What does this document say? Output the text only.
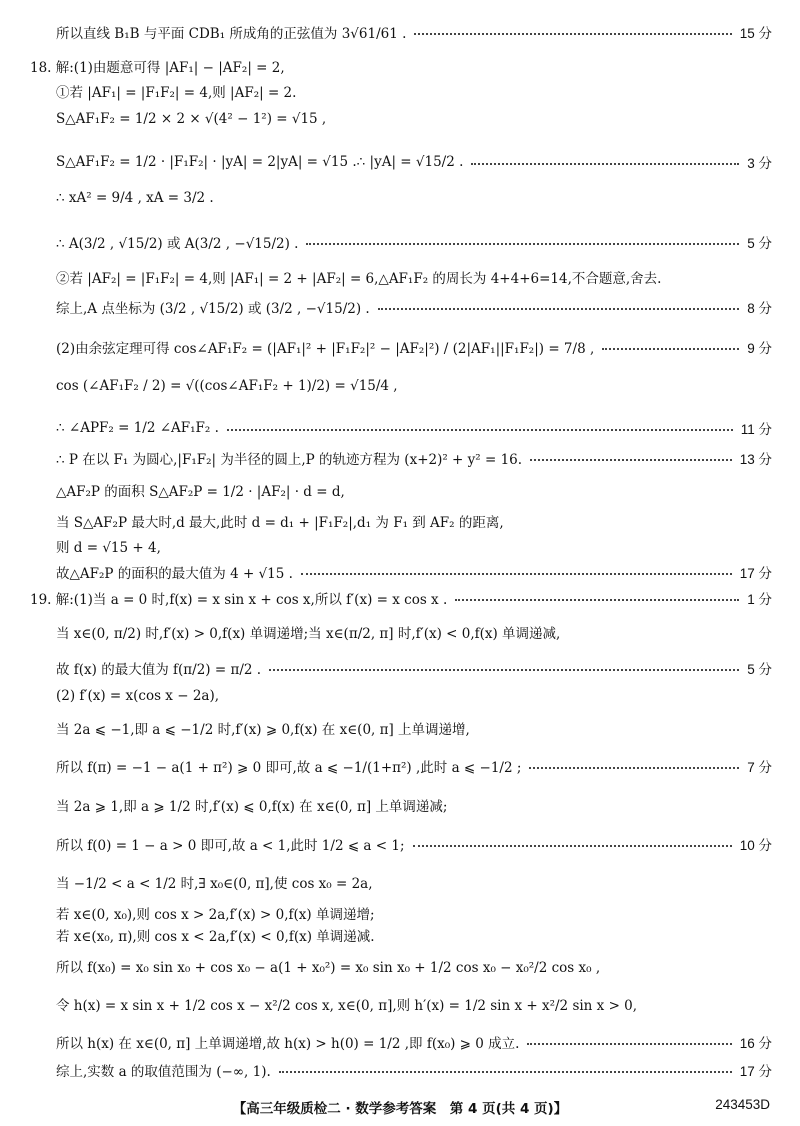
所以直线 B₁B 与平面 CDB₁ 所成角的正弦值为 3√61/61 .	15 分
18. 解:(1)由题意可得 |AF₁| − |AF₂| = 2,
①若 |AF₁| = |F₁F₂| = 4,则 |AF₂| = 2.
S△AF₁F₂ = 1/2 × 2 × √(4² − 1²) = √15 ,
S△AF₁F₂ = 1/2 · |F₁F₂| · |yA| = 2|yA| = √15 .∴ |yA| = √15/2 .	3 分
∴ xA² = 9/4 , xA = 3/2 .
∴ A(3/2 , √15/2) 或 A(3/2 , −√15/2) .	5 分
②若 |AF₂| = |F₁F₂| = 4,则 |AF₁| = 2 + |AF₂| = 6,△AF₁F₂ 的周长为 4+4+6=14,不合题意,舍去.
综上,A 点坐标为 (3/2 , √15/2) 或 (3/2 , −√15/2) .	8 分
(2)由余弦定理可得 cos∠AF₁F₂ = (|AF₁|² + |F₁F₂|² − |AF₂|²) / (2|AF₁||F₁F₂|) = 7/8 ,	9 分
cos (∠AF₁F₂ / 2) = √((cos∠AF₁F₂ + 1)/2) = √15/4 ,
∴ ∠APF₂ = 1/2 ∠AF₁F₂ .	11 分
∴ P 在以 F₁ 为圆心,|F₁F₂| 为半径的圆上,P 的轨迹方程为 (x+2)² + y² = 16.	13 分
△AF₂P 的面积 S△AF₂P = 1/2 · |AF₂| · d = d,
当 S△AF₂P 最大时,d 最大,此时 d = d₁ + |F₁F₂|,d₁ 为 F₁ 到 AF₂ 的距离,
则 d = √15 + 4,
故△AF₂P 的面积的最大值为 4 + √15 .	17 分
19. 解:(1)当 a = 0 时,f(x) = x sin x + cos x,所以 f′(x) = x cos x .	1 分
当 x∈(0, π/2) 时,f′(x) > 0,f(x) 单调递增;当 x∈(π/2, π] 时,f′(x) < 0,f(x) 单调递减,
故 f(x) 的最大值为 f(π/2) = π/2 .	5 分
(2) f′(x) = x(cos x − 2a),
当 2a ⩽ −1,即 a ⩽ −1/2 时,f′(x) ⩾ 0,f(x) 在 x∈(0, π] 上单调递增,
所以 f(π) = −1 − a(1 + π²) ⩾ 0 即可,故 a ⩽ −1/(1+π²) ,此时 a ⩽ −1/2 ;	7 分
当 2a ⩾ 1,即 a ⩾ 1/2 时,f′(x) ⩽ 0,f(x) 在 x∈(0, π] 上单调递减;
所以 f(0) = 1 − a > 0 即可,故 a < 1,此时 1/2 ⩽ a < 1;	10 分
当 −1/2 < a < 1/2 时,∃ x₀∈(0, π],使 cos x₀ = 2a,
若 x∈(0, x₀),则 cos x > 2a,f′(x) > 0,f(x) 单调递增;
若 x∈(x₀, π),则 cos x < 2a,f′(x) < 0,f(x) 单调递减.
所以 f(x₀) = x₀ sin x₀ + cos x₀ − a(1 + x₀²) = x₀ sin x₀ + 1/2 cos x₀ − x₀²/2 cos x₀ ,
令 h(x) = x sin x + 1/2 cos x − x²/2 cos x, x∈(0, π],则 h′(x) = 1/2 sin x + x²/2 sin x > 0,
所以 h(x) 在 x∈(0, π] 上单调递增,故 h(x) > h(0) = 1/2 ,即 f(x₀) ⩾ 0 成立.	16 分
综上,实数 a 的取值范围为 (−∞, 1).	17 分
【高三年级质检二 · 数学参考答案　第 4 页(共 4 页)】	243453D
